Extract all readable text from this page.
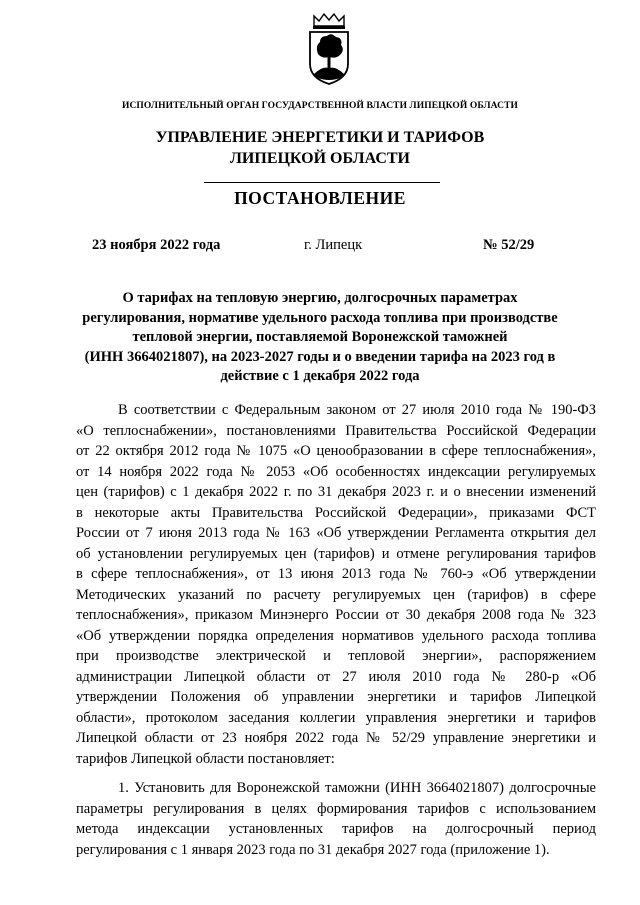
ИСПОЛНИТЕЛЬНЫЙ ОРГАН ГОСУДАРСТВЕННОЙ ВЛАСТИ ЛИПЕЦКОЙ ОБЛАСТИ
УПРАВЛЕНИЕ ЭНЕРГЕТИКИ И ТАРИФОВ
ЛИПЕЦКОЙ ОБЛАСТИ
ПОСТАНОВЛЕНИЕ
23 ноября 2022 года	г. Липецк	№ 52/29
О тарифах на тепловую энергию, долгосрочных параметрах
регулирования, нормативе удельного расхода топлива при производстве
тепловой энергии, поставляемой Воронежской таможней
(ИНН 3664021807), на 2023-2027 годы и о введении тарифа на 2023 год в
действие с 1 декабря 2022 года
В соответствии с Федеральным законом от 27 июля 2010 года № 190-ФЗ
«О теплоснабжении», постановлениями Правительства Российской Федерации
от 22 октября 2012 года № 1075 «О ценообразовании в сфере теплоснабжения»,
от 14 ноября 2022 года № 2053 «Об особенностях индексации регулируемых
цен (тарифов) с 1 декабря 2022 г. по 31 декабря 2023 г. и о внесении изменений
в некоторые акты Правительства Российской Федерации», приказами ФСТ
России от 7 июня 2013 года № 163 «Об утверждении Регламента открытия дел
об установлении регулируемых цен (тарифов) и отмене регулирования тарифов
в сфере теплоснабжения», от 13 июня 2013 года № 760-э «Об утверждении
Методических указаний по расчету регулируемых цен (тарифов) в сфере
теплоснабжения», приказом Минэнерго России от 30 декабря 2008 года № 323
«Об утверждении порядка определения нормативов удельного расхода топлива
при производстве электрической и тепловой энергии», распоряжением
администрации Липецкой области от 27 июля 2010 года № 280-р «Об
утверждении Положения об управлении энергетики и тарифов Липецкой
области», протоколом заседания коллегии управления энергетики и тарифов
Липецкой области от 23 ноября 2022 года № 52/29 управление энергетики и
тарифов Липецкой области постановляет:
1. Установить для Воронежской таможни (ИНН 3664021807) долгосрочные
параметры регулирования в целях формирования тарифов с использованием
метода индексации установленных тарифов на долгосрочный период
регулирования с 1 января 2023 года по 31 декабря 2027 года (приложение 1).
